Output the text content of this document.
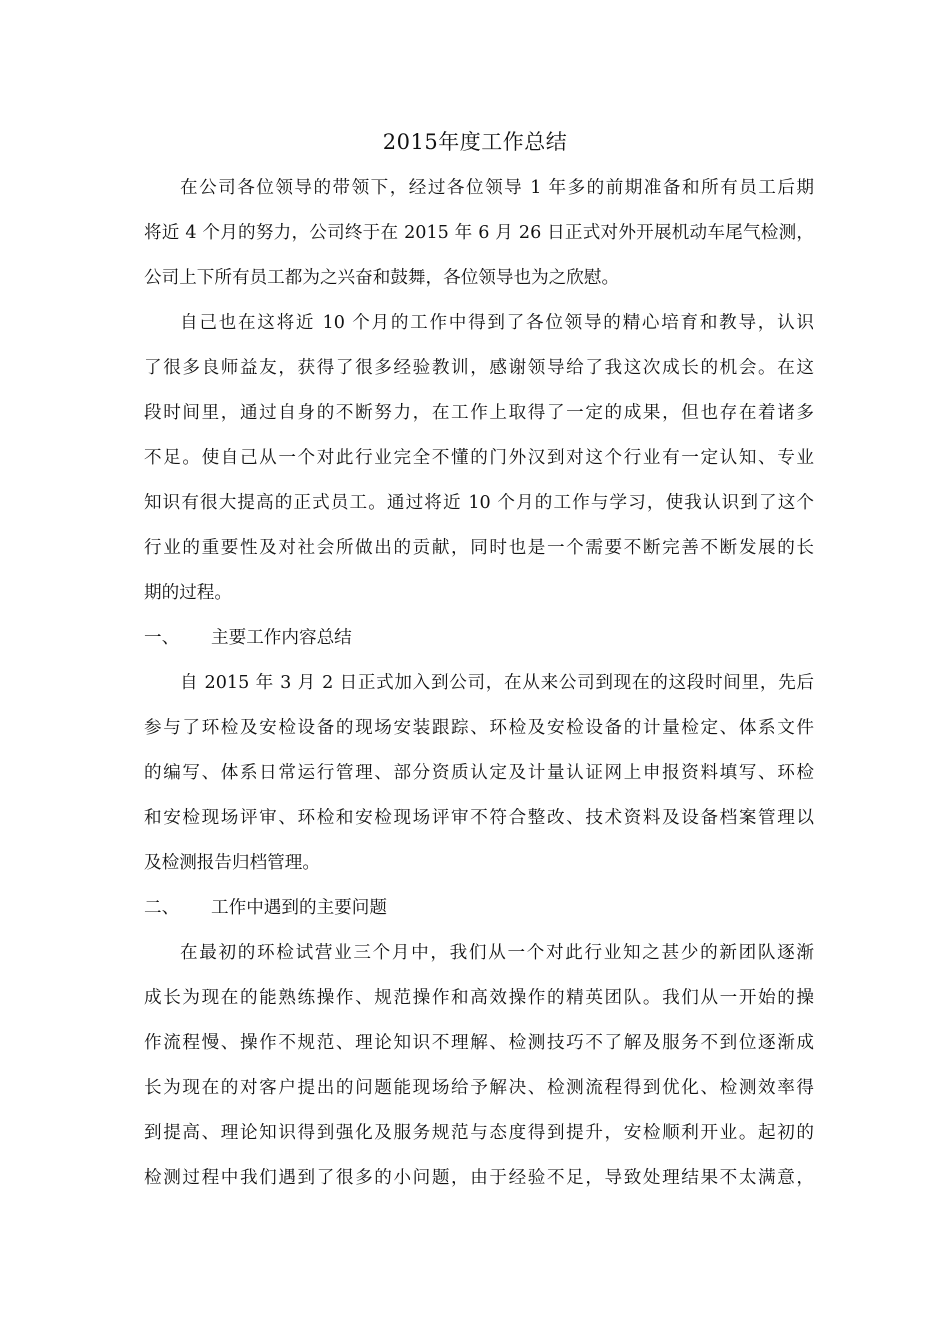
2015年度工作总结
在公司各位领导的带领下，经过各位领导 1 年多的前期准备和所有员工后期
将近 4 个月的努力，公司终于在 2015 年 6 月 26 日正式对外开展机动车尾气检测，
公司上下所有员工都为之兴奋和鼓舞，各位领导也为之欣慰。
自己也在这将近 10 个月的工作中得到了各位领导的精心培育和教导，认识
了很多良师益友，获得了很多经验教训，感谢领导给了我这次成长的机会。在这
段时间里，通过自身的不断努力，在工作上取得了一定的成果，但也存在着诸多
不足。使自己从一个对此行业完全不懂的门外汉到对这个行业有一定认知、专业
知识有很大提高的正式员工。通过将近 10 个月的工作与学习，使我认识到了这个
行业的重要性及对社会所做出的贡献，同时也是一个需要不断完善不断发展的长
期的过程。
一、 主要工作内容总结
自 2015 年 3 月 2 日正式加入到公司，在从来公司到现在的这段时间里，先后
参与了环检及安检设备的现场安装跟踪、环检及安检设备的计量检定、体系文件
的编写、体系日常运行管理、部分资质认定及计量认证网上申报资料填写、环检
和安检现场评审、环检和安检现场评审不符合整改、技术资料及设备档案管理以
及检测报告归档管理。
二、 工作中遇到的主要问题
在最初的环检试营业三个月中，我们从一个对此行业知之甚少的新团队逐渐
成长为现在的能熟练操作、规范操作和高效操作的精英团队。我们从一开始的操
作流程慢、操作不规范、理论知识不理解、检测技巧不了解及服务不到位逐渐成
长为现在的对客户提出的问题能现场给予解决、检测流程得到优化、检测效率得
到提高、理论知识得到强化及服务规范与态度得到提升，安检顺利开业。起初的
检测过程中我们遇到了很多的小问题，由于经验不足，导致处理结果不太满意，
